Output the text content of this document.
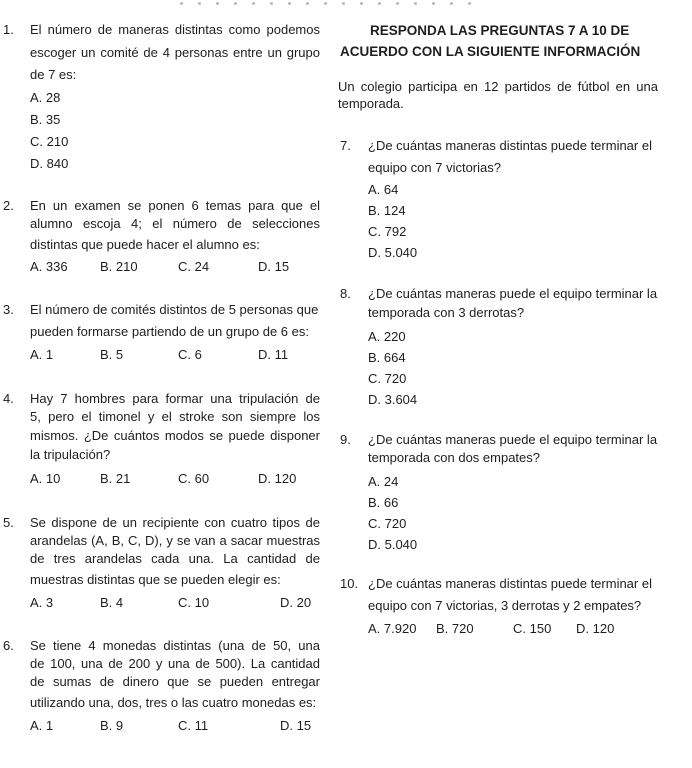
1. El número de maneras distintas como podemos
escoger un comité de 4 personas entre un grupo
de 7 es:
A. 28
B. 35
C. 210
D. 840
2. En un examen se ponen 6 temas para que el
alumno escoja 4; el número de selecciones
distintas que puede hacer el alumno es:
A. 336 B. 210	C. 24	D. 15
3. El número de comités distintos de 5 personas que
pueden formarse partiendo de un grupo de 6 es:
A. 1	B. 5	C. 6	D. 11
4. Hay 7 hombres para formar una tripulación de
5, pero el timonel y el stroke son siempre los
mismos. ¿De cuántos modos se puede disponer
la tripulación?
A. 10	B. 21	C. 60	D. 120
5. Se dispone de un recipiente con cuatro tipos de
arandelas (A, B, C, D), y se van a sacar muestras
de tres arandelas cada una. La cantidad de
muestras distintas que se pueden elegir es:
A. 3	B. 4	C. 10	D. 20
6. Se tiene 4 monedas distintas (una de 50, una
de 100, una de 200 y una de 500). La cantidad
de sumas de dinero que se pueden entregar
utilizando una, dos, tres o las cuatro monedas es:
A. 1	B. 9	C. 11	D. 15
RESPONDA LAS PREGUNTAS 7 A 10 DE
ACUERDO CON LA SIGUIENTE INFORMACIÓN
Un colegio participa en 12 partidos de fútbol en una
temporada.
7. ¿De cuántas maneras distintas puede terminar el
equipo con 7 victorias?
A. 64
B. 124
C. 792
D. 5.040
8. ¿De cuántas maneras puede el equipo terminar la
temporada con 3 derrotas?
A. 220
B. 664
C. 720
D. 3.604
9. ¿De cuántas maneras puede el equipo terminar la
temporada con dos empates?
A. 24
B. 66
C. 720
D. 5.040
10. ¿De cuántas maneras distintas puede terminar el
equipo con 7 victorias, 3 derrotas y 2 empates?
A. 7.920 B. 720	C. 150 D. 120
